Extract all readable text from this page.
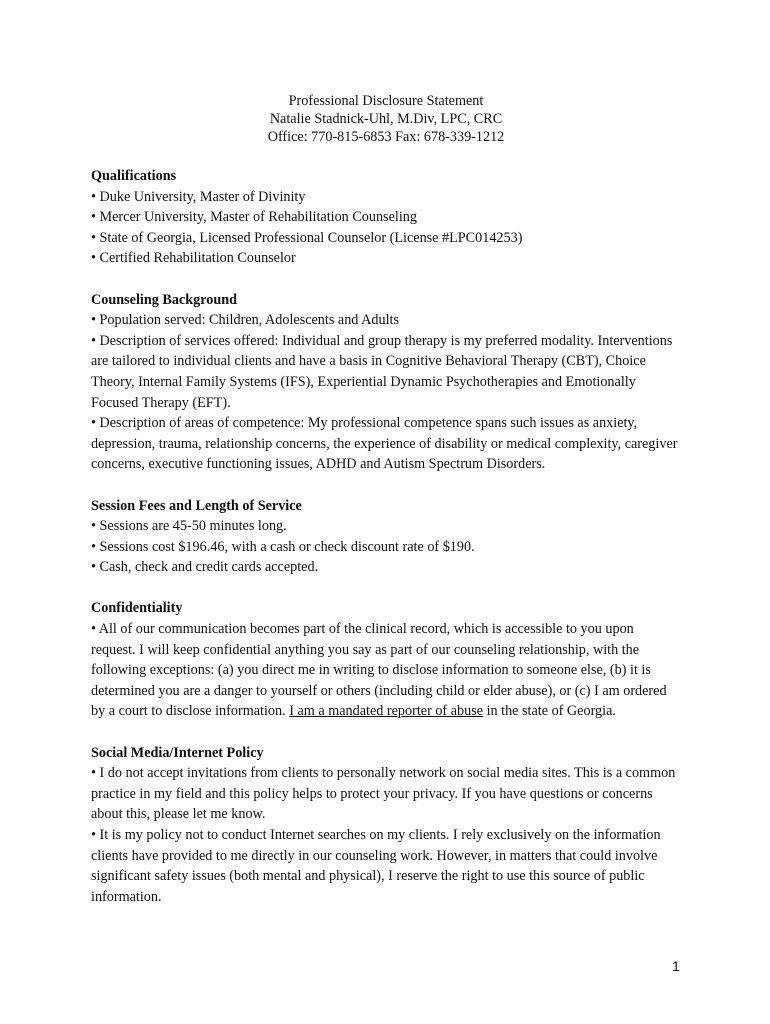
Professional Disclosure Statement
Natalie Stadnick-Uhl, M.Div, LPC, CRC
Office: 770-815-6853 Fax: 678-339-1212
Qualifications
• Duke University, Master of Divinity
• Mercer University, Master of Rehabilitation Counseling
• State of Georgia, Licensed Professional Counselor (License #LPC014253)
• Certified Rehabilitation Counselor
Counseling Background
• Population served: Children, Adolescents and Adults
• Description of services offered: Individual and group therapy is my preferred modality. Interventions are tailored to individual clients and have a basis in Cognitive Behavioral Therapy (CBT), Choice Theory, Internal Family Systems (IFS), Experiential Dynamic Psychotherapies and Emotionally Focused Therapy (EFT).
• Description of areas of competence: My professional competence spans such issues as anxiety, depression, trauma, relationship concerns, the experience of disability or medical complexity, caregiver concerns, executive functioning issues, ADHD and Autism Spectrum Disorders.
Session Fees and Length of Service
• Sessions are 45-50 minutes long.
• Sessions cost $196.46, with a cash or check discount rate of $190.
• Cash, check and credit cards accepted.
Confidentiality
• All of our communication becomes part of the clinical record, which is accessible to you upon request. I will keep confidential anything you say as part of our counseling relationship, with the following exceptions: (a) you direct me in writing to disclose information to someone else, (b) it is determined you are a danger to yourself or others (including child or elder abuse), or (c) I am ordered by a court to disclose information. I am a mandated reporter of abuse in the state of Georgia.
Social Media/Internet Policy
• I do not accept invitations from clients to personally network on social media sites. This is a common practice in my field and this policy helps to protect your privacy. If you have questions or concerns about this, please let me know.
• It is my policy not to conduct Internet searches on my clients. I rely exclusively on the information clients have provided to me directly in our counseling work. However, in matters that could involve significant safety issues (both mental and physical), I reserve the right to use this source of public information.
1
